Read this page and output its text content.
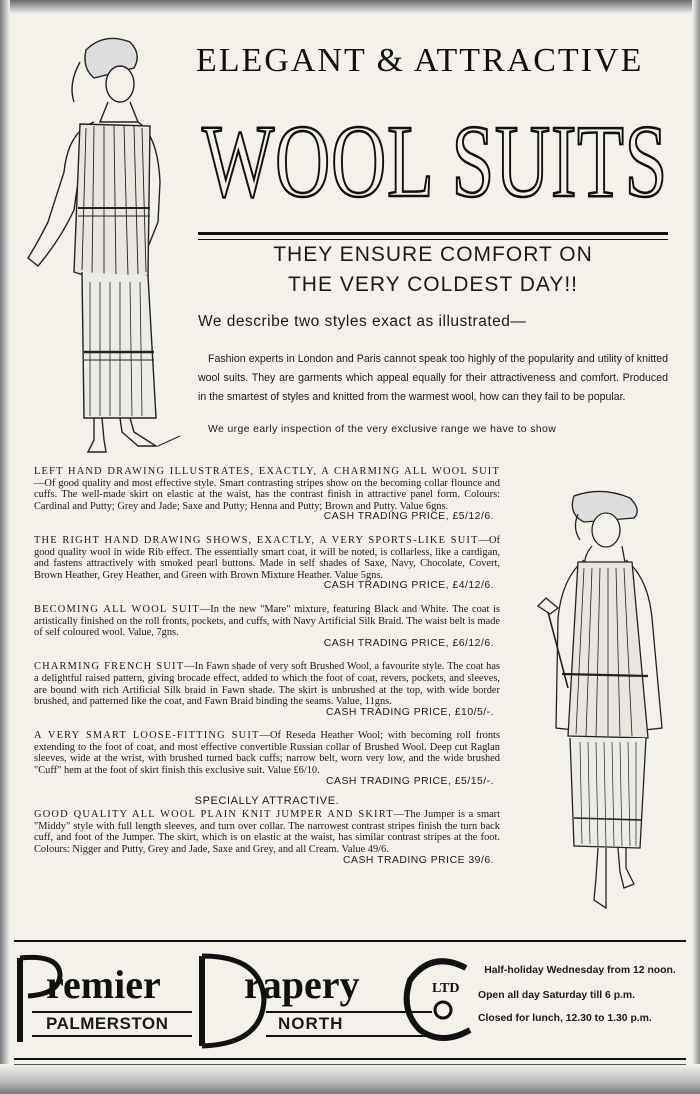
ELEGANT & ATTRACTIVE
WOOL SUITS
THEY ENSURE COMFORT ON
THE VERY COLDEST DAY!!
We describe two styles exact as illustrated—
Fashion experts in London and Paris cannot speak too highly of the popularity and utility of knitted wool suits. They are garments which appeal equally for their attractiveness and comfort. Produced in the smartest of styles and knitted from the warmest wool, how can they fail to be popular.
We urge early inspection of the very exclusive range we have to show
LEFT HAND DRAWING ILLUSTRATES, EXACTLY, A CHARMING ALL WOOL SUIT—Of good quality and most effective style. Smart contrasting stripes show on the becoming collar flounce and cuffs. The well-made skirt on elastic at the waist, has the contrast finish in attractive panel form. Colours: Cardinal and Putty; Grey and Jade; Saxe and Putty; Henna and Putty; Brown and Putty. Value 6gns.
CASH TRADING PRICE, £5/12/6.
THE RIGHT HAND DRAWING SHOWS, EXACTLY, A VERY SPORTS-LIKE SUIT—Of good quality wool in wide Rib effect. The essentially smart coat, it will be noted, is collarless, like a cardigan, and fastens attractively with smoked pearl buttons. Made in self shades of Saxe, Navy, Chocolate, Covert, Brown Heather, Grey Heather, and Green with Brown Mixture Heather. Value 5gns.
CASH TRADING PRICE, £4/12/6.
BECOMING ALL WOOL SUIT—In the new "Mare" mixture, featuring Black and White. The coat is artistically finished on the roll fronts, pockets, and cuffs, with Navy Artificial Silk Braid. The waist belt is made of self coloured wool. Value, 7gns.
CASH TRADING PRICE, £6/12/6.
CHARMING FRENCH SUIT—In Fawn shade of very soft Brushed Wool, a favourite style. The coat has a delightful raised pattern, giving brocade effect, added to which the foot of coat, revers, pockets, and sleeves, are bound with rich Artificial Silk braid in Fawn shade. The skirt is unbrushed at the top, with wide border brushed, and patterned like the coat, and Fawn Braid binding the seams. Value, 11gns.
CASH TRADING PRICE, £10/5/-.
A VERY SMART LOOSE-FITTING SUIT—Of Reseda Heather Wool; with becoming roll fronts extending to the foot of coat, and most effective convertible Russian collar of Brushed Wool. Deep cut Raglan sleeves, wide at the wrist, with brushed turned back cuffs; narrow belt, worn very low, and the wide brushed "Cuff" hem at the foot of skirt finish this exclusive suit. Value £6/10.
CASH TRADING PRICE, £5/15/-.
SPECIALLY ATTRACTIVE.
GOOD QUALITY ALL WOOL PLAIN KNIT JUMPER AND SKIRT—The Jumper is a smart "Middy" style with full length sleeves, and turn over collar. The narrowest contrast stripes finish the turn back cuff, and foot of the Jumper. The skirt, which is on elastic at the waist, has similar contrast stripes at the foot. Colours: Nigger and Putty, Grey and Jade, Saxe and Grey, and all Cream. Value 49/6.
CASH TRADING PRICE 39/6.
remier rapery	LTD
PALMERSTON	NORTH
Half-holiday Wednesday from 12 noon.
Open all day Saturday till 6 p.m.
Closed for lunch, 12.30 to 1.30 p.m.
